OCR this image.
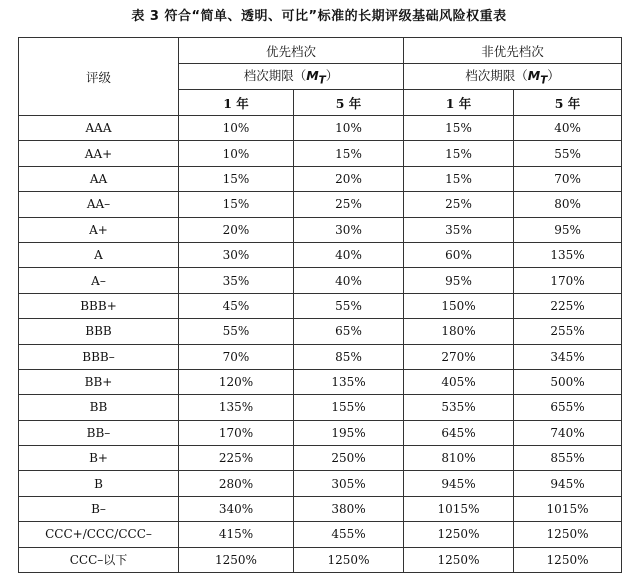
表 3 符合“简单、透明、可比”标准的长期评级基础风险权重表
评级	优先档次		非优先档次	
	档次期限$(M_T)$		档次期限$(M_T)$	
	1 年	5 年	1 年	5 年
AAA	10%	10%	15%	40%
AA+	10%	15%	15%	55%
AA	15%	20%	15%	70%
AA–	15%	25%	25%	80%
A+	20%	30%	35%	95%
A	30%	40%	60%	135%
A–	35%	40%	95%	170%
BBB+	45%	55%	150%	225%
BBB	55%	65%	180%	255%
BBB–	70%	85%	270%	345%
BB+	120%	135%	405%	500%
BB	135%	155%	535%	655%
BB–	170%	195%	645%	740%
B+	225%	250%	810%	855%
B	280%	305%	945%	945%
B–	340%	380%	1015%	1015%
CCC+/CCC/CCC–	415%	455%	1250%	1250%
CCC–以下	1250%	1250%	1250%	1250%
